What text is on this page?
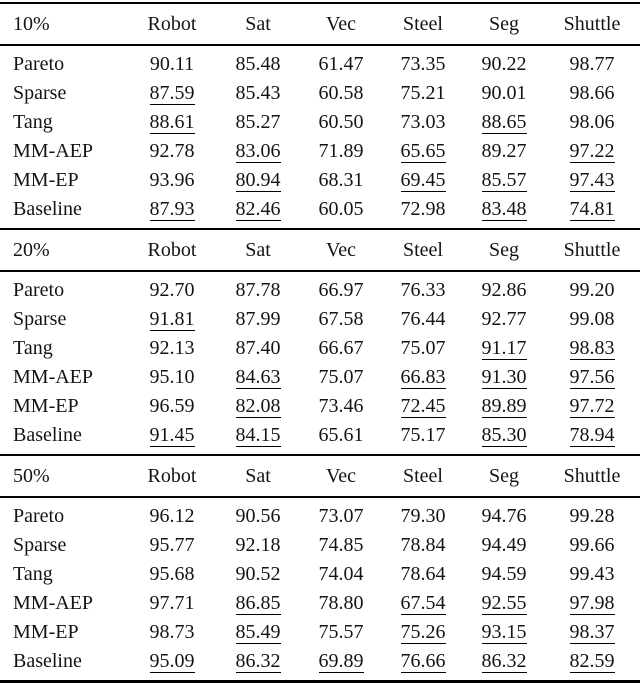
10%	Robot	Sat	Vec	Steel	Seg	Shuttle
Pareto	90.11	85.48	61.47	73.35	90.22	98.77
Sparse	87.59	85.43	60.58	75.21	90.01	98.66
Tang	88.61	85.27	60.50	73.03	88.65	98.06
MM-AEP	92.78	83.06	71.89	65.65	89.27	97.22
MM-EP	93.96	80.94	68.31	69.45	85.57	97.43
Baseline	87.93	82.46	60.05	72.98	83.48	74.81
20%	Robot	Sat	Vec	Steel	Seg	Shuttle
Pareto	92.70	87.78	66.97	76.33	92.86	99.20
Sparse	91.81	87.99	67.58	76.44	92.77	99.08
Tang	92.13	87.40	66.67	75.07	91.17	98.83
MM-AEP	95.10	84.63	75.07	66.83	91.30	97.56
MM-EP	96.59	82.08	73.46	72.45	89.89	97.72
Baseline	91.45	84.15	65.61	75.17	85.30	78.94
50%	Robot	Sat	Vec	Steel	Seg	Shuttle
Pareto	96.12	90.56	73.07	79.30	94.76	99.28
Sparse	95.77	92.18	74.85	78.84	94.49	99.66
Tang	95.68	90.52	74.04	78.64	94.59	99.43
MM-AEP	97.71	86.85	78.80	67.54	92.55	97.98
MM-EP	98.73	85.49	75.57	75.26	93.15	98.37
Baseline	95.09	86.32	69.89	76.66	86.32	82.59
